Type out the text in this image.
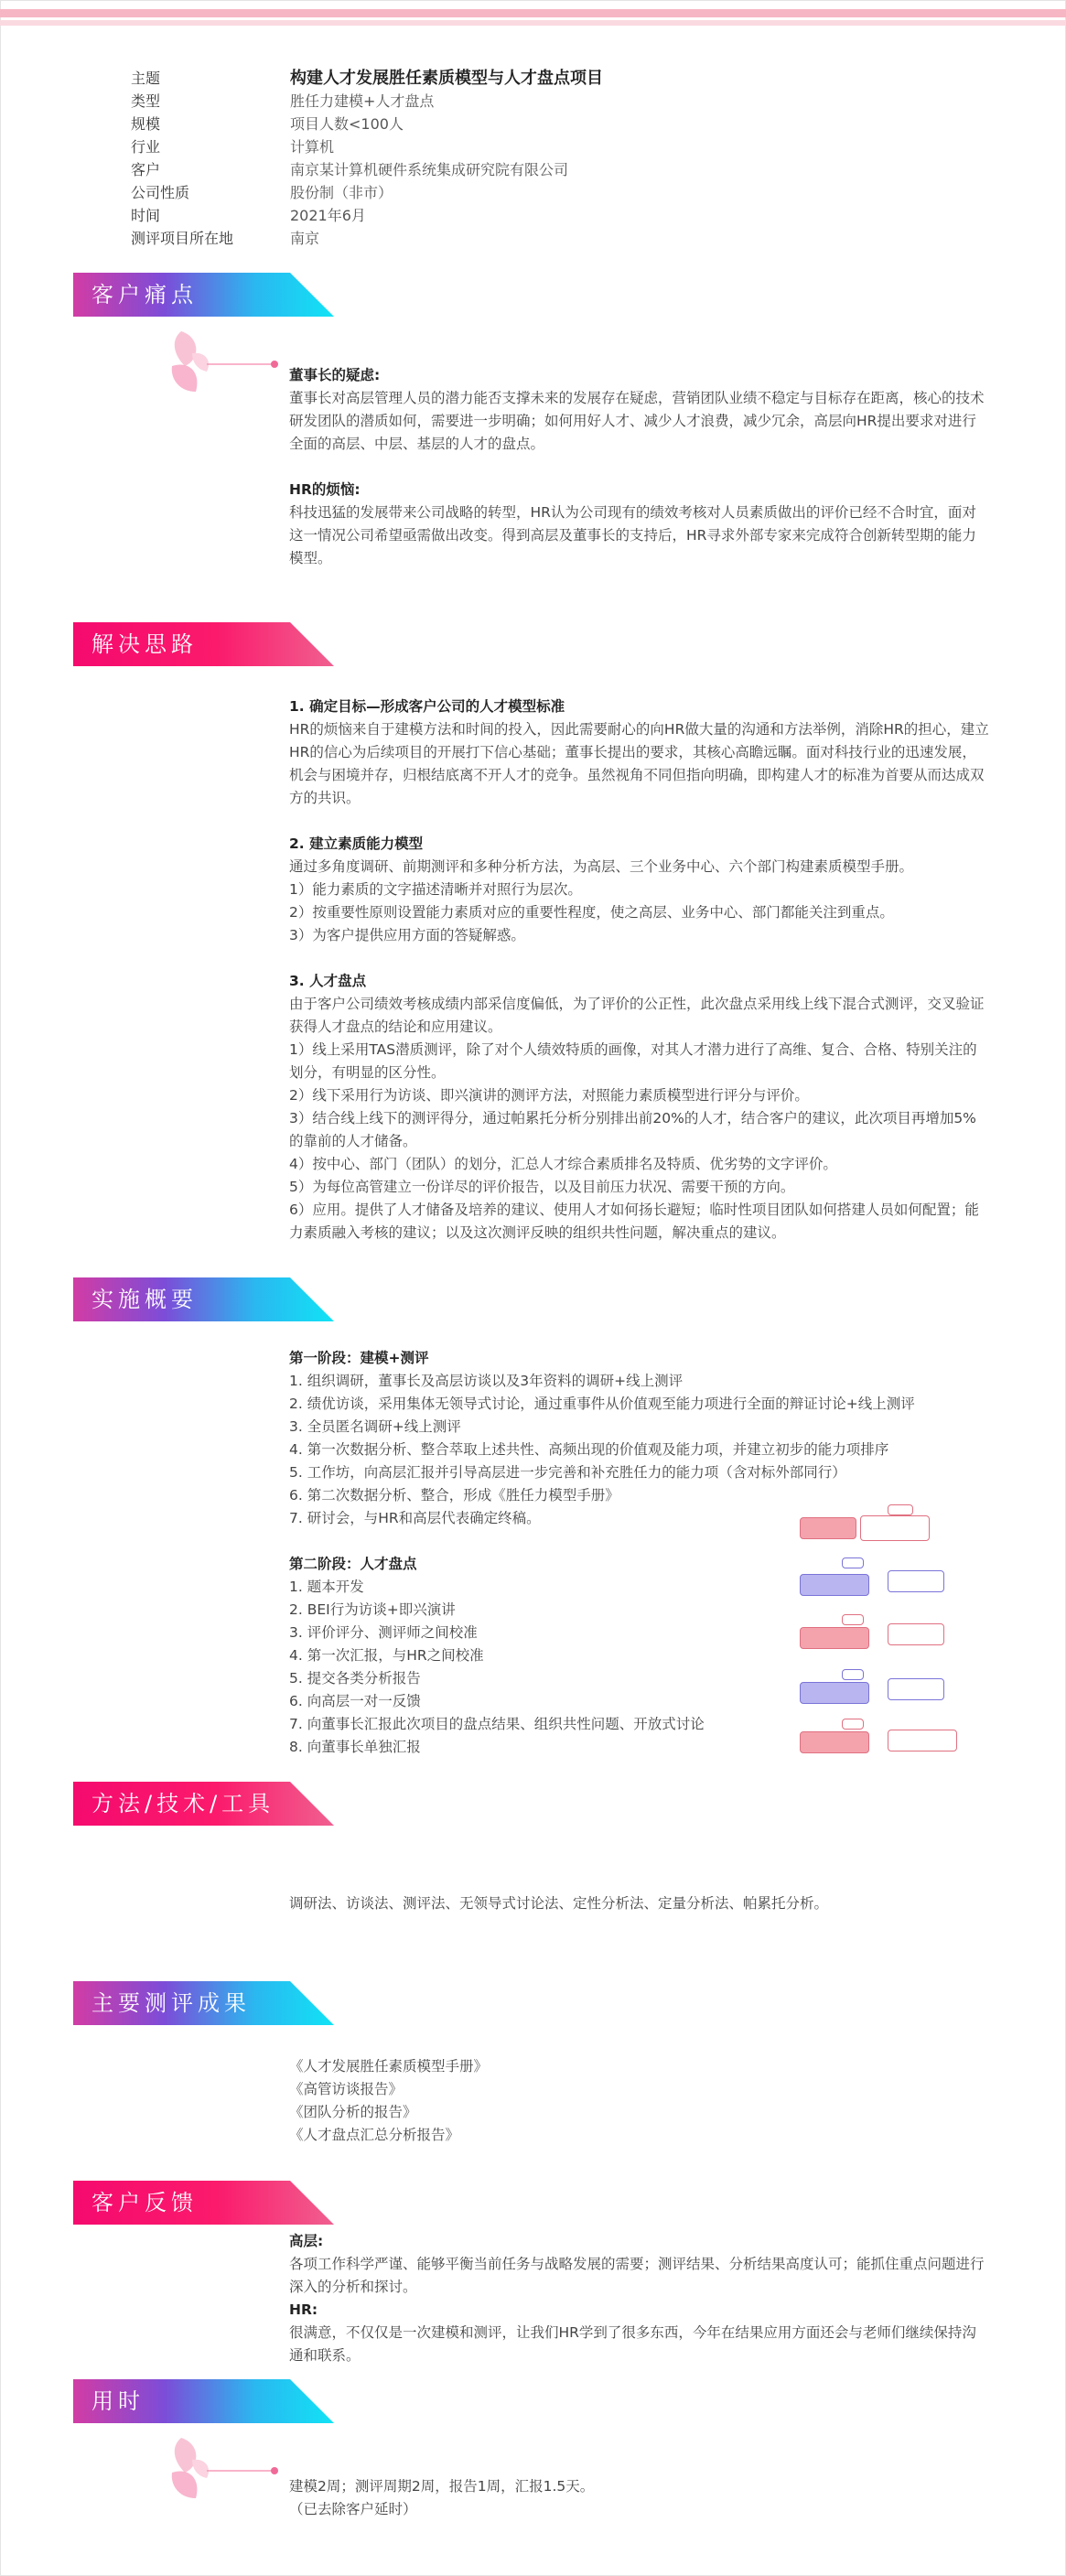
主题	构建人才发展胜任素质模型与人才盘点项目
类型	胜任力建模+人才盘点
规模	项目人数<100人
行业	计算机
客户	南京某计算机硬件系统集成研究院有限公司
公司性质	股份制（非市）
时间	2021年6月
测评项目所在地	南京
客户痛点
解决思路
实施概要
方法/技术/工具
主要测评成果
客户反馈
用时

董事长的疑虑:

董事长对高层管理人员的潜力能否支撑未来的发展存在疑虑，营销团队业绩不稳定与目标存在距离，核心的技术研发团队的潜质如何，需要进一步明确；如何用好人才、减少人才浪费，减少冗余，高层向HR提出要求对进行全面的高层、中层、基层的人才的盘点。

HR的烦恼:

科技迅猛的发展带来公司战略的转型，HR认为公司现有的绩效考核对人员素质做出的评价已经不合时宜，面对这一情况公司希望亟需做出改变。得到高层及董事长的支持后，HR寻求外部专家来完成符合创新转型期的能力模型。

1. 确定目标—形成客户公司的人才模型标准

HR的烦恼来自于建模方法和时间的投入，因此需要耐心的向HR做大量的沟通和方法举例，消除HR的担心，建立HR的信心为后续项目的开展打下信心基础；董事长提出的要求，其核心高瞻远瞩。面对科技行业的迅速发展，机会与困境并存，归根结底离不开人才的竞争。虽然视角不同但指向明确，即构建人才的标准为首要从而达成双方的共识。

2. 建立素质能力模型

通过多角度调研、前期测评和多种分析方法，为高层、三个业务中心、六个部门构建素质模型手册。

1）能力素质的文字描述清晰并对照行为层次。

2）按重要性原则设置能力素质对应的重要性程度，使之高层、业务中心、部门都能关注到重点。

3）为客户提供应用方面的答疑解惑。

3. 人才盘点

由于客户公司绩效考核成绩内部采信度偏低，为了评价的公正性，此次盘点采用线上线下混合式测评，交叉验证获得人才盘点的结论和应用建议。

1）线上采用TAS潜质测评，除了对个人绩效特质的画像，对其人才潜力进行了高维、复合、合格、特别关注的划分，有明显的区分性。

2）线下采用行为访谈、即兴演讲的测评方法，对照能力素质模型进行评分与评价。

3）结合线上线下的测评得分，通过帕累托分析分别排出前20%的人才，结合客户的建议，此次项目再增加5%的靠前的人才储备。

4）按中心、部门（团队）的划分，汇总人才综合素质排名及特质、优劣势的文字评价。

5）为每位高管建立一份详尽的评价报告，以及目前压力状况、需要干预的方向。

6）应用。提供了人才储备及培养的建议、使用人才如何扬长避短；临时性项目团队如何搭建人员如何配置；能力素质融入考核的建议；以及这次测评反映的组织共性问题，解决重点的建议。

第一阶段：建模+测评

1. 组织调研，董事长及高层访谈以及3年资料的调研+线上测评

2. 绩优访谈，采用集体无领导式讨论，通过重事件从价值观至能力项进行全面的辩证讨论+线上测评

3. 全员匿名调研+线上测评

4. 第一次数据分析、整合萃取上述共性、高频出现的价值观及能力项，并建立初步的能力项排序

5. 工作坊，向高层汇报并引导高层进一步完善和补充胜任力的能力项（含对标外部同行）

6. 第二次数据分析、整合，形成《胜任力模型手册》

7. 研讨会，与HR和高层代表确定终稿。

第二阶段：人才盘点

1. 题本开发

2. BEI行为访谈+即兴演讲

3. 评价评分、测评师之间校准

4. 第一次汇报，与HR之间校准

5. 提交各类分析报告

6. 向高层一对一反馈

7. 向董事长汇报此次项目的盘点结果、组织共性问题、开放式讨论

8. 向董事长单独汇报

调研法、访谈法、测评法、无领导式讨论法、定性分析法、定量分析法、帕累托分析。

《人才发展胜任素质模型手册》

《高管访谈报告》

《团队分析的报告》

《人才盘点汇总分析报告》

高层:

各项工作科学严谨、能够平衡当前任务与战略发展的需要；测评结果、分析结果高度认可；能抓住重点问题进行深入的分析和探讨。

HR:

很满意，不仅仅是一次建模和测评，让我们HR学到了很多东西，今年在结果应用方面还会与老师们继续保持沟通和联系。

建模2周；测评周期2周，报告1周，汇报1.5天。

（已去除客户延时）
